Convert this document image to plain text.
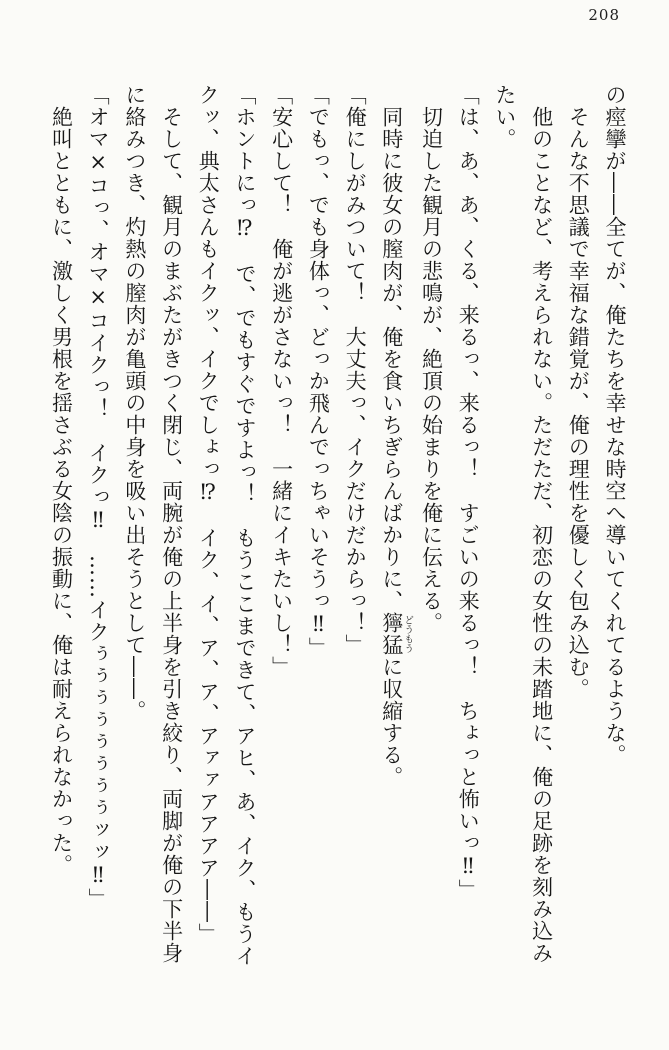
208

の痙攣が――全てが、俺たちを幸せな時空へ導いてくれてるような。

　そんな不思議で幸福な錯覚が、俺の理性を優しく包み込む。

　他のことなど、考えられない。ただただ、初恋の女性の未踏地に、俺の足跡を刻み込みたい。

「は、あ、あ、くる、来るっ、来るっ！　すごいの来るっ！　ちょっと怖いっ‼」

　切迫した観月の悲鳴が、絶頂の始まりを俺に伝える。

　同時に彼女の膣肉が、俺を食いちぎらんばかりに、獰猛どうもうに収縮する。

「俺にしがみついて！　大丈夫っ、イクだけだからっ！」

「でもっ、でも身体っ、どっか飛んでっちゃいそうっ‼」

「安心して！　俺が逃がさないっ！　一緒にイキたいし！」

「ホントにっ⁉　で、でもすぐですよっ！　もうここまできて、アヒ、あ、イク、もうイクッ、典太さんもイクッ、イクでしょっ⁉　イク、イ、ア、ア、アァァアアアア――」

　そして、観月のまぶたがきつく閉じ、両腕が俺の上半身を引き絞り、両脚が俺の下半身に絡みつき、灼熱の膣肉が亀頭の中身を吸い出そうとして――。

「オマ×コっ、オマ×コイクっ！　イクっ‼　……イクぅぅぅぅぅぅぅぅッッ‼」

　絶叫とともに、激しく男根を揺さぶる女陰の振動に、俺は耐えられなかった。
